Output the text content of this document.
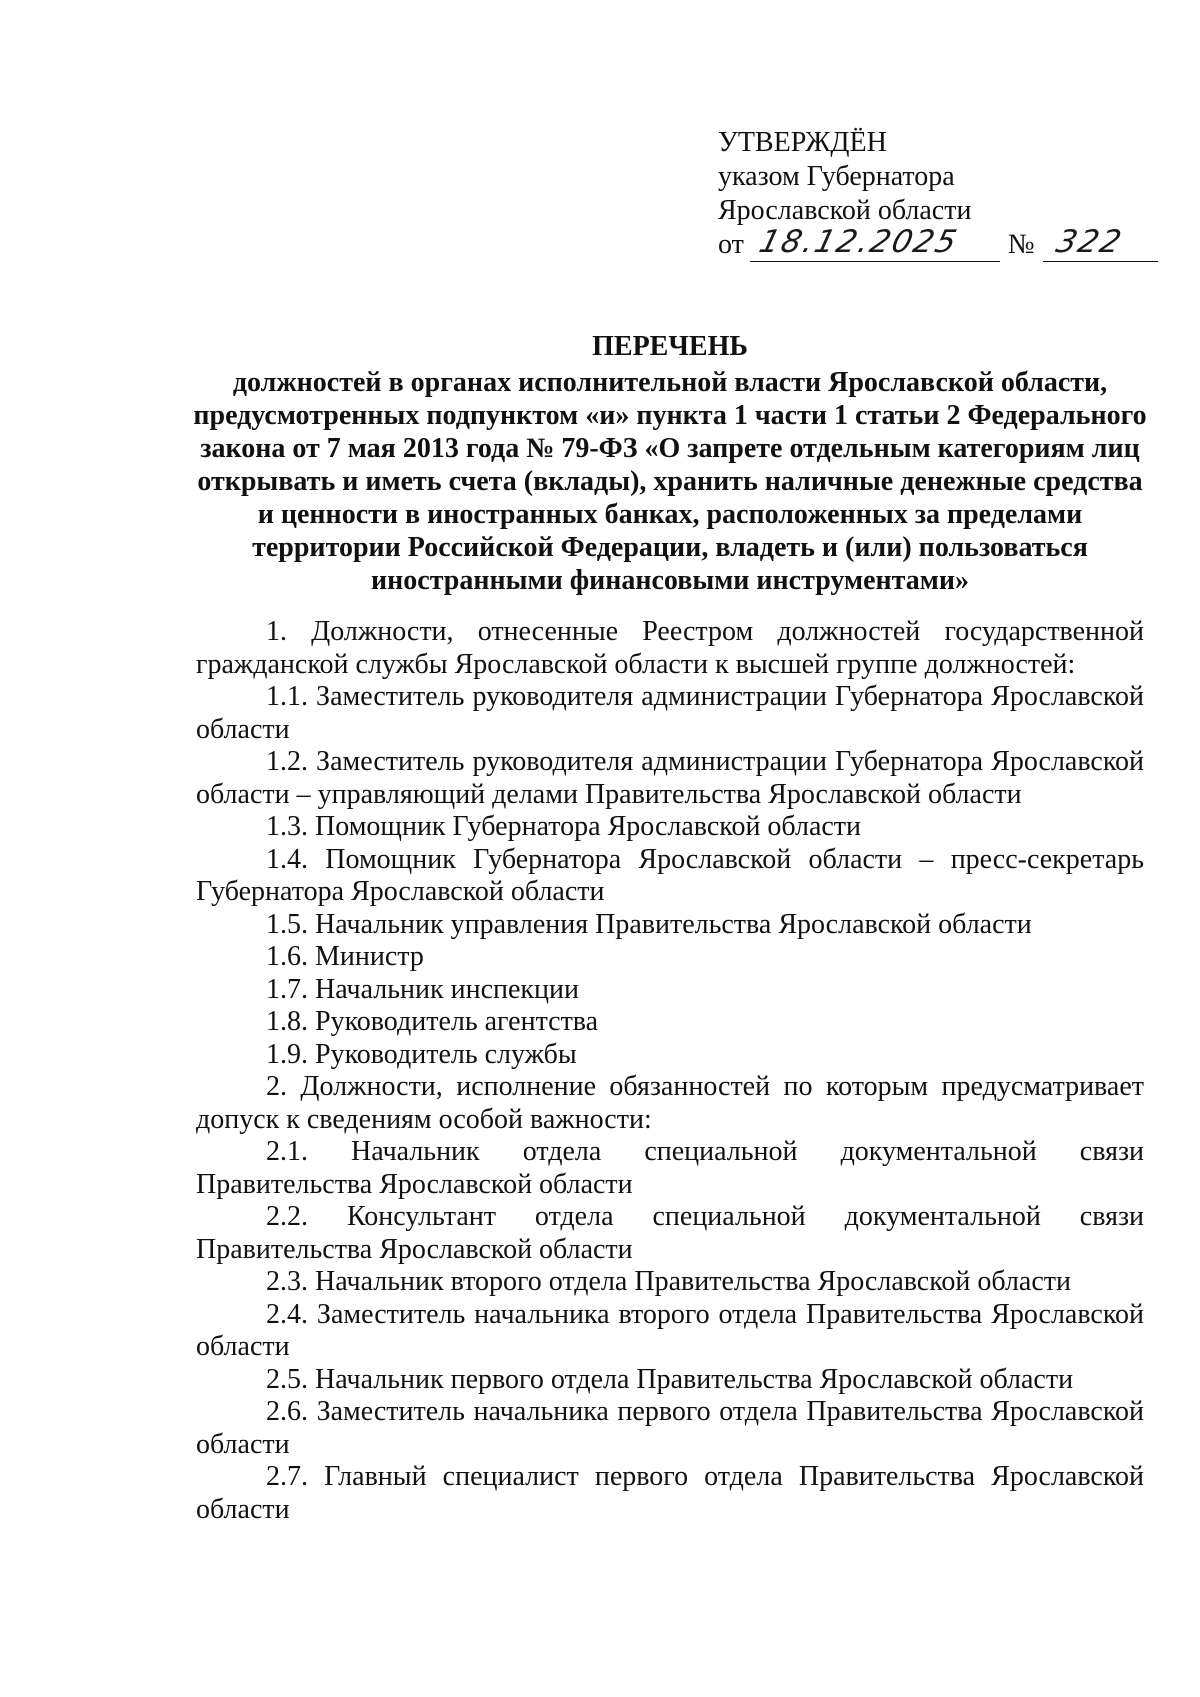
УТВЕРЖДЁН
указом Губернатора
Ярославской области
от 18.12.2025 № 322
ПЕРЕЧЕНЬ
должностей в органах исполнительной власти Ярославской области, предусмотренных подпунктом «и» пункта 1 части 1 статьи 2 Федерального закона от 7 мая 2013 года № 79-ФЗ «О запрете отдельным категориям лиц открывать и иметь счета (вклады), хранить наличные денежные средства и ценности в иностранных банках, расположенных за пределами территории Российской Федерации, владеть и (или) пользоваться иностранными финансовыми инструментами»

1. Должности, отнесенные Реестром должностей государственной гражданской службы Ярославской области к высшей группе должностей:

1.1. Заместитель руководителя администрации Губернатора Ярославской области

1.2. Заместитель руководителя администрации Губернатора Ярославской области – управляющий делами Правительства Ярославской области

1.3. Помощник Губернатора Ярославской области

1.4. Помощник Губернатора Ярославской области – пресс-секретарь Губернатора Ярославской области

1.5. Начальник управления Правительства Ярославской области

1.6. Министр

1.7. Начальник инспекции

1.8. Руководитель агентства

1.9. Руководитель службы

2. Должности, исполнение обязанностей по которым предусматривает допуск к сведениям особой важности:

2.1. Начальник отдела специальной документальной связи Правительства Ярославской области

2.2. Консультант отдела специальной документальной связи Правительства Ярославской области

2.3. Начальник второго отдела Правительства Ярославской области

2.4. Заместитель начальника второго отдела Правительства Ярославской области

2.5. Начальник первого отдела Правительства Ярославской области

2.6. Заместитель начальника первого отдела Правительства Ярославской области

2.7. Главный специалист первого отдела Правительства Ярославской области
